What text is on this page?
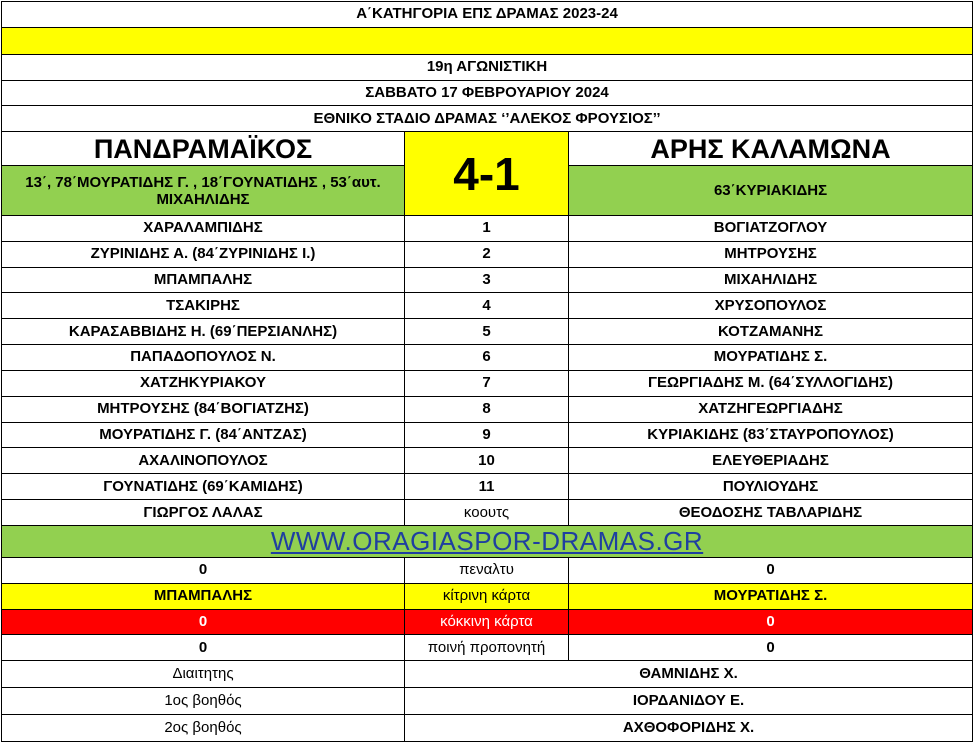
Α΄ΚΑΤΗΓΟΡΙΑ ΕΠΣ ΔΡΑΜΑΣ 2023-24		

19η ΑΓΩΝΙΣΤΙΚΗ		
ΣΑΒΒΑΤΟ 17 ΦΕΒΡΟΥΑΡΙΟΥ 2024		
ΕΘΝΙΚΟ ΣΤΑΔΙΟ ΔΡΑΜΑΣ ‘’ΑΛΕΚΟΣ ΦΡΟΥΣΙΟΣ’’		
ΠΑΝΔΡΑΜΑΪΚΟΣ	4-1	ΑΡΗΣ ΚΑΛΑΜΩΝΑ
13΄, 78΄ΜΟΥΡΑΤΙΔΗΣ Γ. , 18΄ΓΟΥΝΑΤΙΔΗΣ , 53΄αυτ. ΜΙΧΑΗΛΙΔΗΣ		63΄ΚΥΡΙΑΚΙΔΗΣ
ΧΑΡΑΛΑΜΠΙΔΗΣ	1	ΒΟΓΙΑΤΖΟΓΛΟΥ
ΖΥΡΙΝΙΔΗΣ Α. (84΄ΖΥΡΙΝΙΔΗΣ Ι.)	2	ΜΗΤΡΟΥΣΗΣ
ΜΠΑΜΠΑΛΗΣ	3	ΜΙΧΑΗΛΙΔΗΣ
ΤΣΑΚΙΡΗΣ	4	ΧΡΥΣΟΠΟΥΛΟΣ
ΚΑΡΑΣΑΒΒΙΔΗΣ Η. (69΄ΠΕΡΣΙΑΝΛΗΣ)	5	ΚΟΤΖΑΜΑΝΗΣ
ΠΑΠΑΔΟΠΟΥΛΟΣ Ν.	6	ΜΟΥΡΑΤΙΔΗΣ Σ.
ΧΑΤΖΗΚΥΡΙΑΚΟΥ	7	ΓΕΩΡΓΙΑΔΗΣ Μ. (64΄ΣΥΛΛΟΓΙΔΗΣ)
ΜΗΤΡΟΥΣΗΣ (84΄ΒΟΓΙΑΤΖΗΣ)	8	ΧΑΤΖΗΓΕΩΡΓΙΑΔΗΣ
ΜΟΥΡΑΤΙΔΗΣ Γ. (84΄ΑΝΤΖΑΣ)	9	ΚΥΡΙΑΚΙΔΗΣ (83΄ΣΤΑΥΡΟΠΟΥΛΟΣ)
ΑΧΑΛΙΝΟΠΟΥΛΟΣ	10	ΕΛΕΥΘΕΡΙΑΔΗΣ
ΓΟΥΝΑΤΙΔΗΣ (69΄ΚΑΜΙΔΗΣ)	11	ΠΟΥΛΙΟΥΔΗΣ
ΓΙΩΡΓΟΣ ΛΑΛΑΣ	κοουτς	ΘΕΟΔΟΣΗΣ ΤΑΒΛΑΡΙΔΗΣ
WWW.ORAGIASPOR-DRAMAS.GR		
0	πεναλτυ	0
ΜΠΑΜΠΑΛΗΣ	κίτρινη κάρτα	ΜΟΥΡΑΤΙΔΗΣ Σ.
0	κόκκινη κάρτα	0
0	ποινή προπονητή	0
Διαιτητης	ΘΑΜΝΙΔΗΣ Χ.	
1ος βοηθός	ΙΟΡΔΑΝΙΔΟΥ Ε.	
2ος βοηθός	ΑΧΘΟΦΟΡΙΔΗΣ Χ.	
